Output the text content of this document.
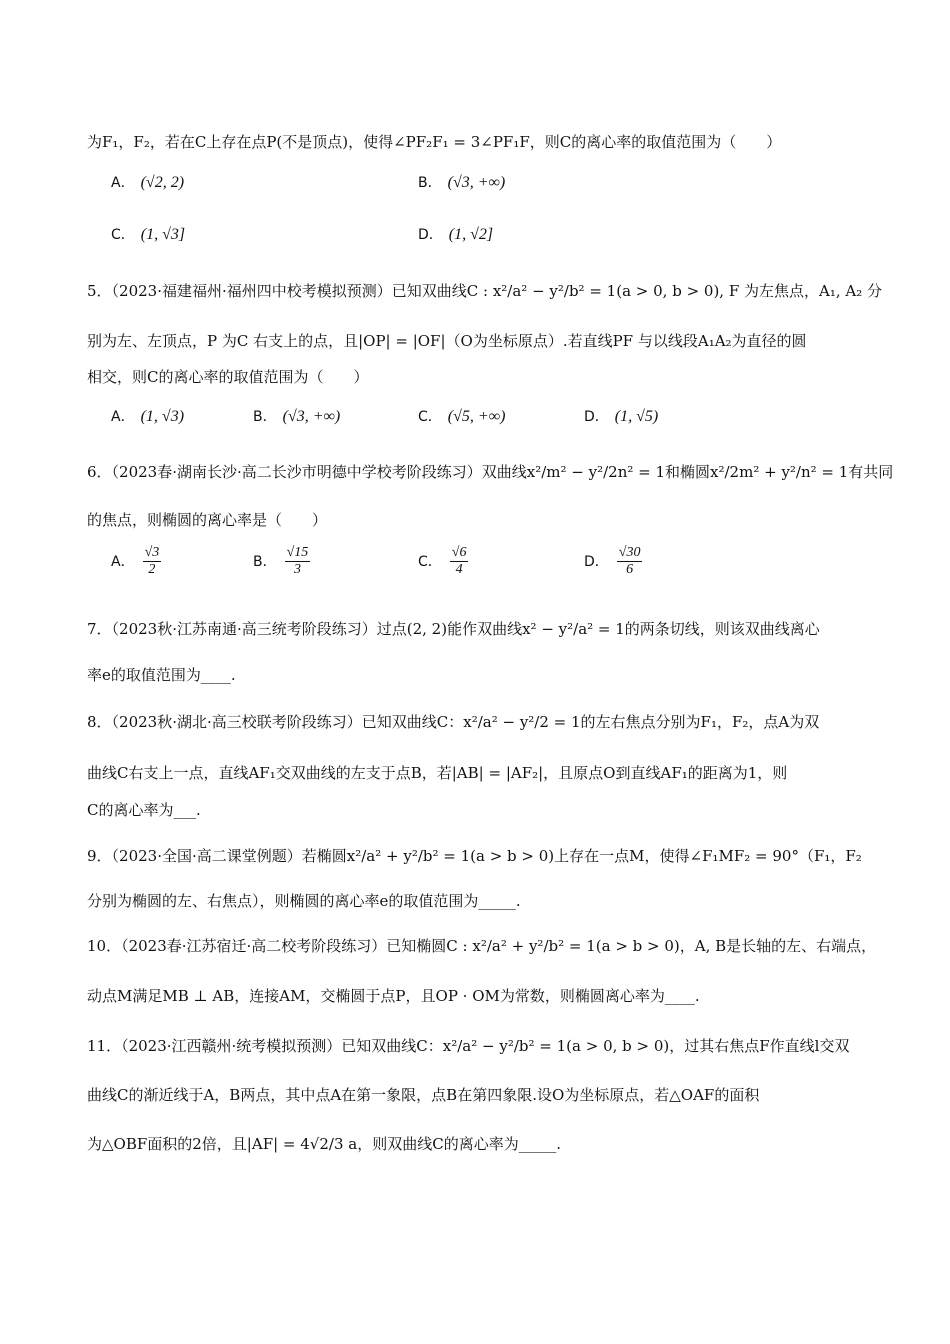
为F₁，F₂，若在C上存在点P(不是顶点)，使得∠PF₂F₁ = 3∠PF₁F，则C的离心率的取值范围为（　　）
A． (√2, 2)	B． (√3, +∞)
C． (1, √3]	D． (1, √2]
5．（2023·福建福州·福州四中校考模拟预测）已知双曲线C : x²/a² − y²/b² = 1(a > 0, b > 0), F 为左焦点，A₁, A₂ 分
别为左、左顶点，P 为C 右支上的点，且|OP| = |OF|（O为坐标原点）.若直线PF 与以线段A₁A₂为直径的圆
相交，则C的离心率的取值范围为（　　）
A． (1, √3)	B． (√3, +∞)	C． (√5, +∞)	D． (1, √5)
6．（2023春·湖南长沙·高二长沙市明德中学校考阶段练习）双曲线x²/m² − y²/2n² = 1和椭圆x²/2m² + y²/n² = 1有共同
的焦点，则椭圆的离心率是（　　）
A． $\frac{√3}{2}$	B． $\frac{√15}{3}$	C． $\frac{√6}{4}$	D． $\frac{√30}{6}$
7．（2023秋·江苏南通·高三统考阶段练习）过点(2, 2)能作双曲线x² − y²/a² = 1的两条切线，则该双曲线离心
率e的取值范围为____.
8．（2023秋·湖北·高三校联考阶段练习）已知双曲线C：x²/a² − y²/2 = 1的左右焦点分别为F₁，F₂，点A为双
曲线C右支上一点，直线AF₁交双曲线的左支于点B，若|AB| = |AF₂|，且原点O到直线AF₁的距离为1，则
C的离心率为___.
9．（2023·全国·高二课堂例题）若椭圆x²/a² + y²/b² = 1(a > b > 0)上存在一点M，使得∠F₁MF₂ = 90°（F₁，F₂
分别为椭圆的左、右焦点），则椭圆的离心率e的取值范围为_____.
10．（2023春·江苏宿迁·高二校考阶段练习）已知椭圆C : x²/a² + y²/b² = 1(a > b > 0)，A, B是长轴的左、右端点，
动点M满足MB ⊥ AB，连接AM，交椭圆于点P，且OP · OM为常数，则椭圆离心率为____.
11．（2023·江西赣州·统考模拟预测）已知双曲线C：x²/a² − y²/b² = 1(a > 0, b > 0)，过其右焦点F作直线l交双
曲线C的渐近线于A，B两点，其中点A在第一象限，点B在第四象限.设O为坐标原点，若△OAF的面积
为△OBF面积的2倍，且|AF| = 4√2/3 a，则双曲线C的离心率为_____.
